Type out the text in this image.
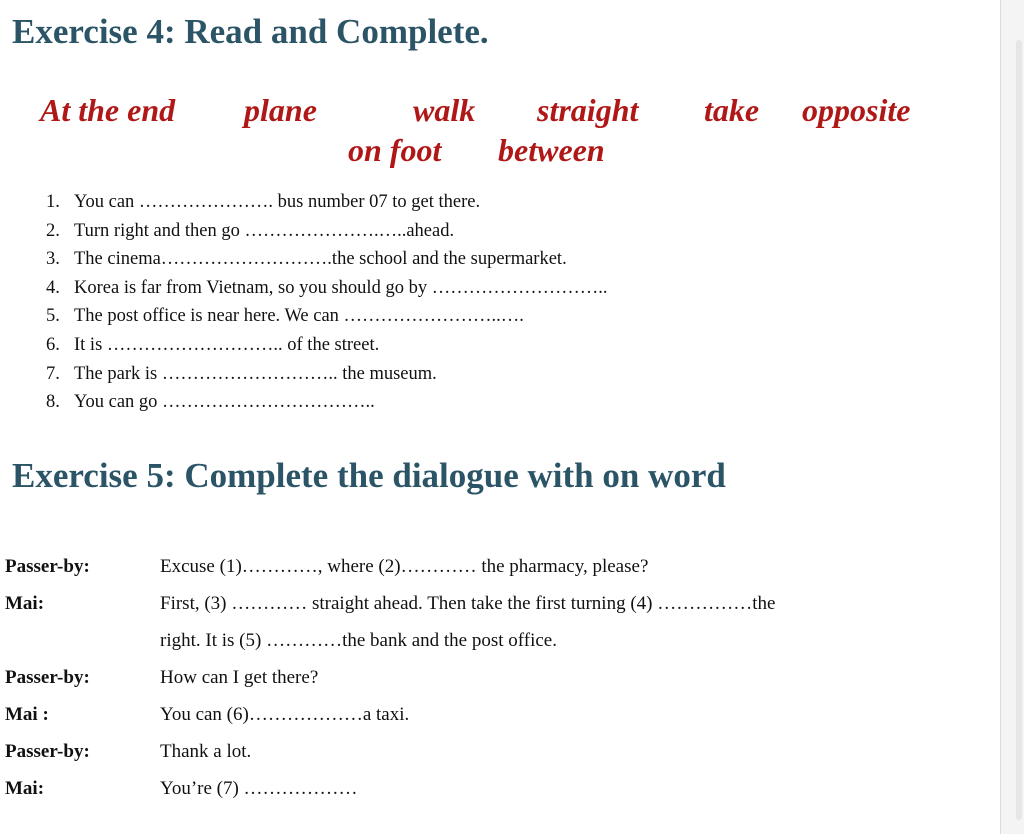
Exercise 4: Read and Complete.
At the end plane	walk straight take opposite
on foot between
1. You can …………………. bus number 07 to get there.
2. Turn right and then go ………………….…..ahead.
3. The cinema……………………….the school and the supermarket.
4. Korea is far from Vietnam, so you should go by ………………………..
5. The post office is near here. We can ……………………..….
6. It is ……………………….. of the street.
7. The park is ……………………….. the museum.
8. You can go ……………………………..
Exercise 5: Complete the dialogue with on word
Passer-by:	Excuse (1)…………, where (2)………… the pharmacy, please?
Mai:	First, (3) ………… straight ahead. Then take the first turning (4) ……………the
right. It is (5) …………the bank and the post office.
Passer-by:	How can I get there?
Mai :	You can (6)………………a taxi.
Passer-by:	Thank a lot.
Mai:	You’re (7) ………………
